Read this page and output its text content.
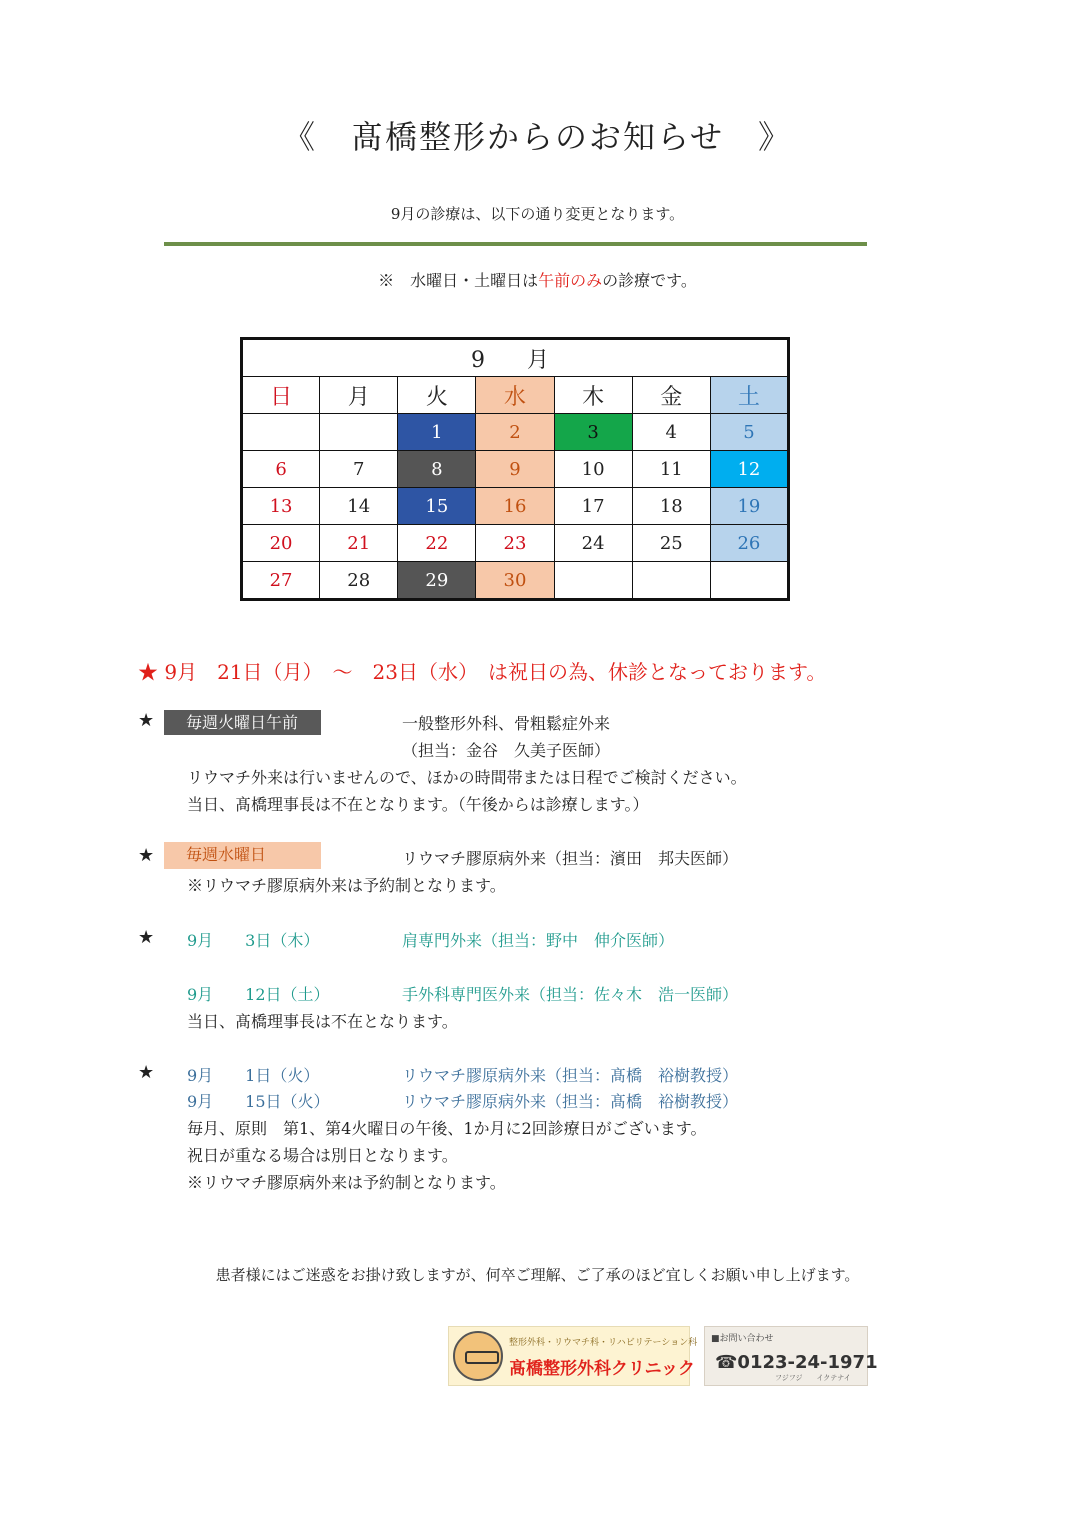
《　髙橋整形からのお知らせ　》
9月の診療は、以下の通り変更となります。
※　水曜日・土曜日は午前のみの診療です。
9　月						
日	月	火	水	木	金	土
		1	2	3	4	5
6	7	8	9	10	11	12
13	14	15	16	17	18	19
20	21	22	23	24	25	26
27	28	29	30			
★ 9月　21日（月）　～　23日（水）　は祝日の為、休診となっております。
★	毎週火曜日午前	一般整形外科、骨粗鬆症外来
（担当：金谷　久美子医師）
リウマチ外来は行いませんので、ほかの時間帯または日程でご検討ください。
当日、髙橋理事長は不在となります。（午後からは診療します。）
★	毎週水曜日	リウマチ膠原病外来（担当：濱田　邦夫医師）
※リウマチ膠原病外来は予約制となります。
★ 9月　　3日（木）	肩専門外来（担当：野中　伸介医師）
9月　　12日（土）	手外科専門医外来（担当：佐々木　浩一医師）
当日、髙橋理事長は不在となります。
★ 9月　　1日（火）	リウマチ膠原病外来（担当：髙橋　裕樹教授）
9月　　15日（火）	リウマチ膠原病外来（担当：髙橋　裕樹教授）
毎月、原則　第1、第4火曜日の午後、1か月に2回診療日がございます。
祝日が重なる場合は別日となります。
※リウマチ膠原病外来は予約制となります。
患者様にはご迷惑をお掛け致しますが、何卒ご理解、ご了承のほど宜しくお願い申し上げます。
整形外科・リウマチ科・リハビリテーション科
髙橋整形外科クリニック
■お問い合わせ
☎0123-24-1971
フジフジ　　イクテナイ
